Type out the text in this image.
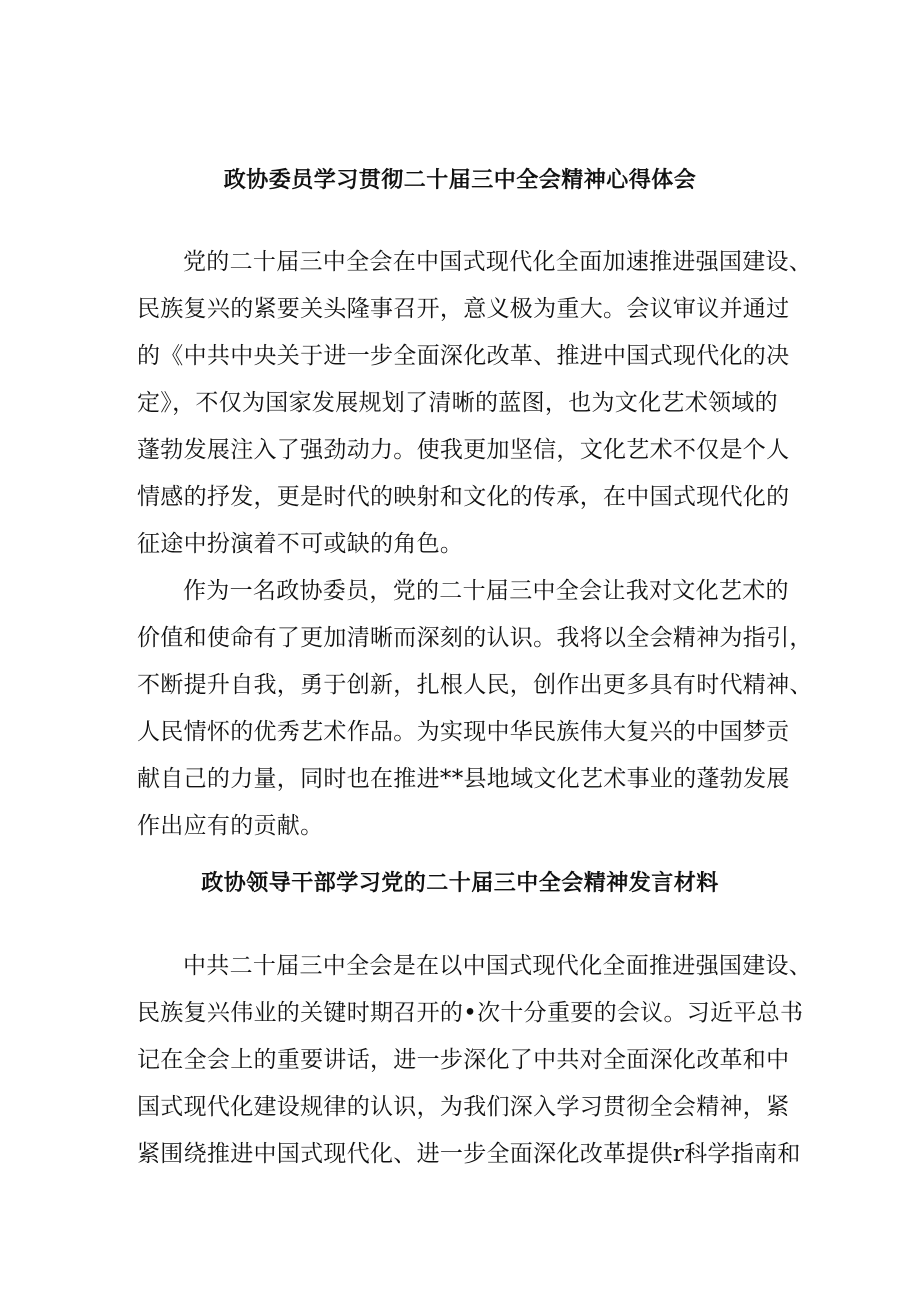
政协委员学习贯彻二十届三中全会精神心得体会
党的二十届三中全会在中国式现代化全面加速推进强国建设、
民族复兴的紧要关头隆事召开，意义极为重大。会议审议并通过
的《中共中央关于进一步全面深化改革、推进中国式现代化的决
定》，不仅为国家发展规划了清晰的蓝图，也为文化艺术领域的
蓬勃发展注入了强劲动力。使我更加坚信，文化艺术不仅是个人
情感的抒发，更是时代的映射和文化的传承，在中国式现代化的
征途中扮演着不可或缺的角色。
作为一名政协委员，党的二十届三中全会让我对文化艺术的
价值和使命有了更加清晰而深刻的认识。我将以全会精神为指引，
不断提升自我，勇于创新，扎根人民，创作出更多具有时代精神、
人民情怀的优秀艺术作品。为实现中华民族伟大复兴的中国梦贡
献自己的力量，同时也在推进**县地域文化艺术事业的蓬勃发展
作出应有的贡献。
政协领导干部学习党的二十届三中全会精神发言材料
中共二十届三中全会是在以中国式现代化全面推进强国建设、
民族复兴伟业的关键时期召开的•次十分重要的会议。习近平总书
记在全会上的重要讲话，进一步深化了中共对全面深化改革和中
国式现代化建设规律的认识，为我们深入学习贯彻全会精神，紧
紧围绕推进中国式现代化、进一步全面深化改革提供r科学指南和
